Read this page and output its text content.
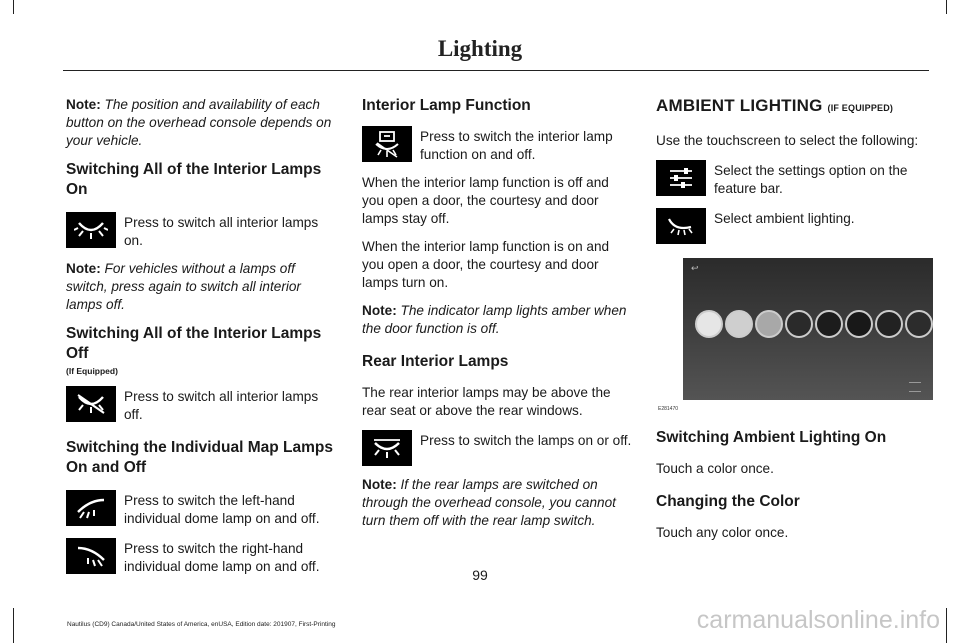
Lighting

Note: The position and availability of each button on the overhead console depends on your vehicle.

Switching All of the Interior Lamps On
Press to switch all interior lamps on.

Note: For vehicles without a lamps off switch, press again to switch all interior lamps off.

Switching All of the Interior Lamps Off
(If Equipped)
Press to switch all interior lamps off.
Switching the Individual Map Lamps On and Off
Press to switch the left-hand individual dome lamp on and off.
Press to switch the right-hand individual dome lamp on and off.
Interior Lamp Function
Press to switch the interior lamp function on and off.

When the interior lamp function is off and you open a door, the courtesy and door lamps stay off.

When the interior lamp function is on and you open a door, the courtesy and door lamps turn on.

Note: The indicator lamp lights amber when the door function is off.

Rear Interior Lamps

The rear interior lamps may be above the rear seat or above the rear windows.

Press to switch the lamps on or off.

Note: If the rear lamps are switched on through the overhead console, you cannot turn them off with the rear lamp switch.

AMBIENT LIGHTING (IF EQUIPPED)

Use the touchscreen to select the following:

Select the settings option on the feature bar.
Select ambient lighting.
↩
E281470
Switching Ambient Lighting On

Touch a color once.

Changing the Color

Touch any color once.

99
Nautilus (CD9) Canada/United States of America, enUSA, Edition date: 201907, First-Printing	carmanualsonline.info
